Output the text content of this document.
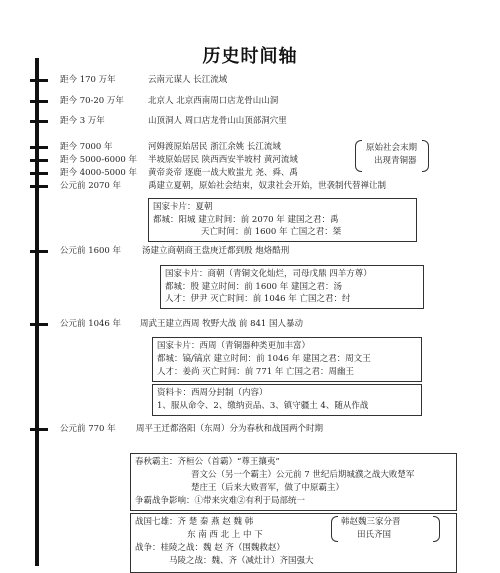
历史时间轴
距今 170 万年	云南元谋人 长江流域
距今 70-20 万年	北京人 北京西南周口店龙骨山山洞
距今 3 万年	山顶洞人 周口店龙骨山山顶部洞穴里
距今 7000 年	河姆渡原始居民 浙江余姚 长江流域
距今 5000-6000 年 半坡原始居民 陕西西安半坡村 黄河流域
距今 4000-5000 年 黄帝炎帝 逐鹿一战大败蚩尤 尧、舜、禹
公元前 2070 年	禹建立夏朝，原始社会结束，奴隶社会开始，世袭制代替禅让制
原始社会末期
出现青铜器
国家卡片：夏朝
都城：阳城 建立时间：前 2070 年 建国之君：禹
天亡时间：前 1600 年 亡国之君：桀
公元前 1600 年 汤建立商朝商王盘庚迁都到殷 炮烙酷刑
国家卡片：商朝（青铜文化灿烂，司母戊鼎 四羊方尊）
都城：殷 建立时间：前 1600 年 建国之君：汤
人才：伊尹 灭亡时间：前 1046 年 亡国之君：纣
公元前 1046 年 周武王建立西周 牧野大战 前 841 国人暴动
国家卡片：西周（青铜器种类更加丰富）
都城：镐/镐京 建立时间：前 1046 年 建国之君：周文王
人才：姜尚 灭亡时间：前 771 年 亡国之君：周幽王
资料卡：西周分封制（内容）
1、服从命令、2、缴纳贡品、3、镇守疆土 4、随从作战
公元前 770 年 周平王迁都洛阳（东周）分为春秋和战国两个时期
春秋霸主：齐桓公（首霸）“尊王攘夷”
晋文公（另一个霸主）公元前 7 世纪后期城濮之战大败楚军
楚庄王（后来大败晋军，做了中原霸主）
争霸战争影响：①带来灾难②有利于局部统一
战国七雄：齐 楚 秦 燕 赵 魏 韩
东 南 西 北 上 中 下
战争：桂陵之战：魏 赵 齐（围魏救赵）
马陵之战：魏、齐（减灶计）齐国强大
韩赵魏三家分晋
田氏齐国
